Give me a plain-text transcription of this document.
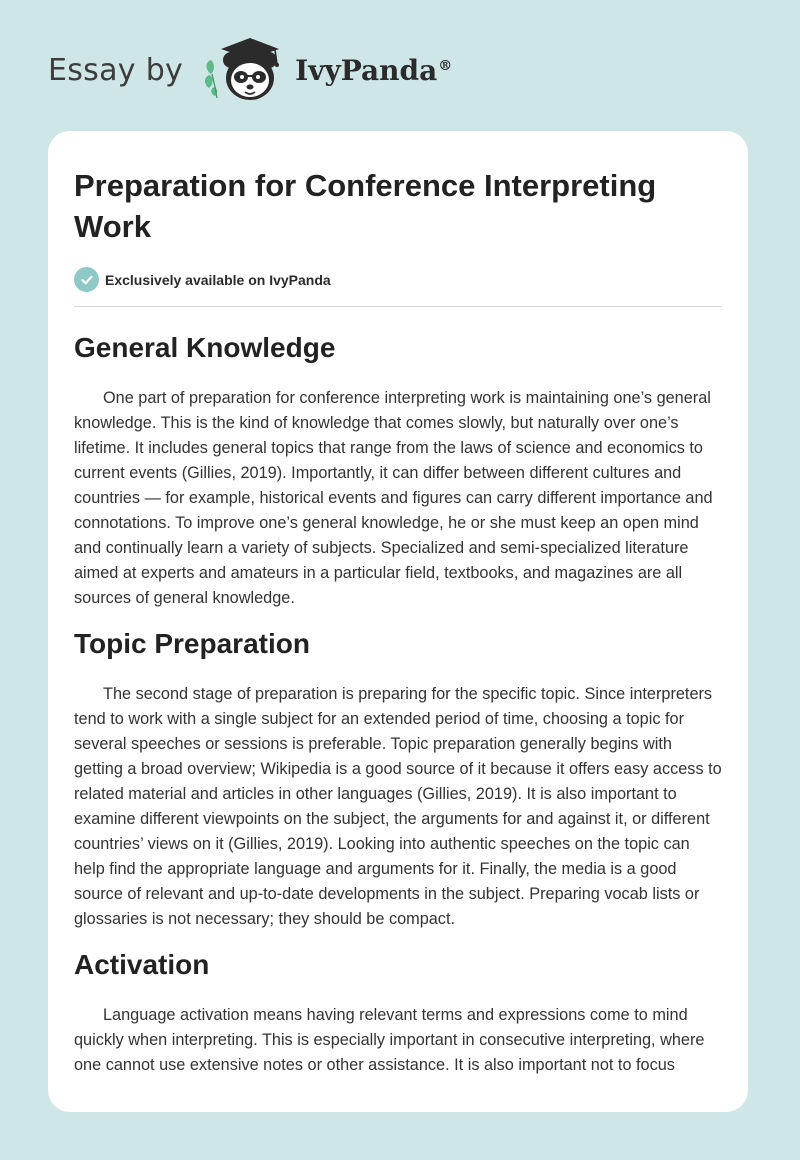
Essay by	IvyPanda®
Preparation for Conference Interpreting Work
Exclusively available on IvyPanda
General Knowledge

One part of preparation for conference interpreting work is maintaining one’s general knowledge. This is the kind of knowledge that comes slowly, but naturally over one’s lifetime. It includes general topics that range from the laws of science and economics to current events (Gillies, 2019). Importantly, it can differ between different cultures and countries — for example, historical events and figures can carry different importance and connotations. To improve one’s general knowledge, he or she must keep an open mind and continually learn a variety of subjects. Specialized and semi-specialized literature aimed at experts and amateurs in a particular field, textbooks, and magazines are all sources of general knowledge.

Topic Preparation

The second stage of preparation is preparing for the specific topic. Since interpreters tend to work with a single subject for an extended period of time, choosing a topic for several speeches or sessions is preferable. Topic preparation generally begins with getting a broad overview; Wikipedia is a good source of it because it offers easy access to related material and articles in other languages (Gillies, 2019). It is also important to examine different viewpoints on the subject, the arguments for and against it, or different countries’ views on it (Gillies, 2019). Looking into authentic speeches on the topic can help find the appropriate language and arguments for it. Finally, the media is a good source of relevant and up-to-date developments in the subject. Preparing vocab lists or glossaries is not necessary; they should be compact.

Activation

Language activation means having relevant terms and expressions come to mind quickly when interpreting. This is especially important in consecutive interpreting, where one cannot use extensive notes or other assistance. It is also important not to focus
